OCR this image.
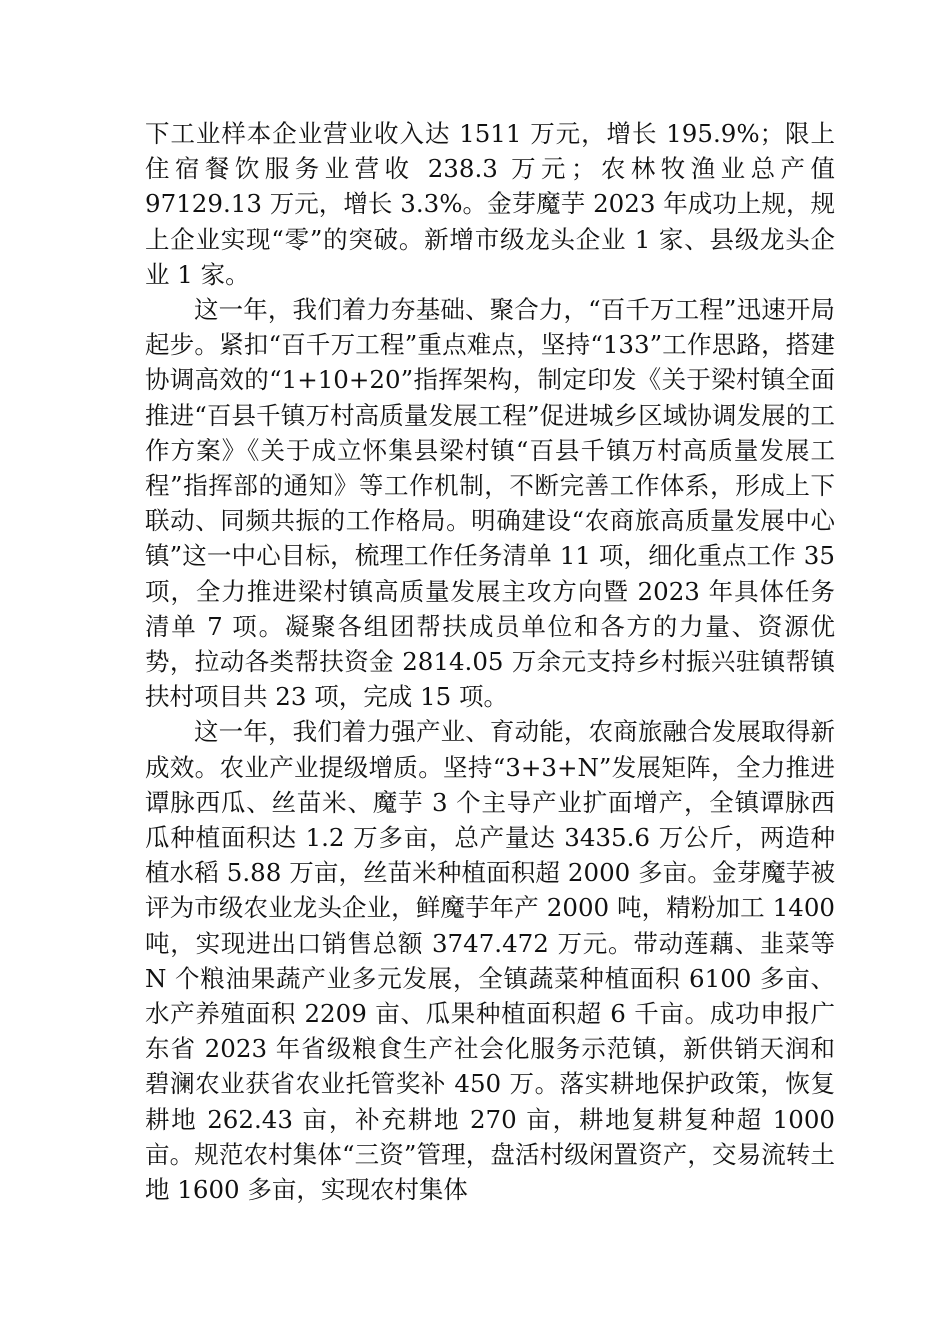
下工业样本企业营业收入达 1511 万元，增长 195.9%；限上住宿餐饮服务业营收 238.3 万元；农林牧渔业总产值 97129.13 万元，增长 3.3%。金芽魔芋 2023 年成功上规，规上企业实现“零”的突破。新增市级龙头企业 1 家、县级龙头企业 1 家。

这一年，我们着力夯基础、聚合力，“百千万工程”迅速开局起步。紧扣“百千万工程”重点难点，坚持“133”工作思路，搭建协调高效的“1+10+20”指挥架构，制定印发《关于梁村镇全面推进“百县千镇万村高质量发展工程”促进城乡区域协调发展的工作方案》《关于成立怀集县梁村镇“百县千镇万村高质量发展工程”指挥部的通知》等工作机制，不断完善工作体系，形成上下联动、同频共振的工作格局。明确建设“农商旅高质量发展中心镇”这一中心目标，梳理工作任务清单 11 项，细化重点工作 35 项，全力推进梁村镇高质量发展主攻方向暨 2023 年具体任务清单 7 项。凝聚各组团帮扶成员单位和各方的力量、资源优势，拉动各类帮扶资金 2814.05 万余元支持乡村振兴驻镇帮镇扶村项目共 23 项，完成 15 项。

这一年，我们着力强产业、育动能，农商旅融合发展取得新成效。农业产业提级增质。坚持“3+3+N”发展矩阵，全力推进谭脉西瓜、丝苗米、魔芋 3 个主导产业扩面增产，全镇谭脉西瓜种植面积达 1.2 万多亩，总产量达 3435.6 万公斤，两造种植水稻 5.88 万亩，丝苗米种植面积超 2000 多亩。金芽魔芋被评为市级农业龙头企业，鲜魔芋年产 2000 吨，精粉加工 1400 吨，实现进出口销售总额 3747.472 万元。带动莲藕、韭菜等 N 个粮油果蔬产业多元发展，全镇蔬菜种植面积 6100 多亩、水产养殖面积 2209 亩、瓜果种植面积超 6 千亩。成功申报广东省 2023 年省级粮食生产社会化服务示范镇，新供销天润和碧澜农业获省农业托管奖补 450 万。落实耕地保护政策，恢复耕地 262.43 亩，补充耕地 270 亩，耕地复耕复种超 1000 亩。规范农村集体“三资”管理，盘活村级闲置资产，交易流转土地 1600 多亩，实现农村集体
